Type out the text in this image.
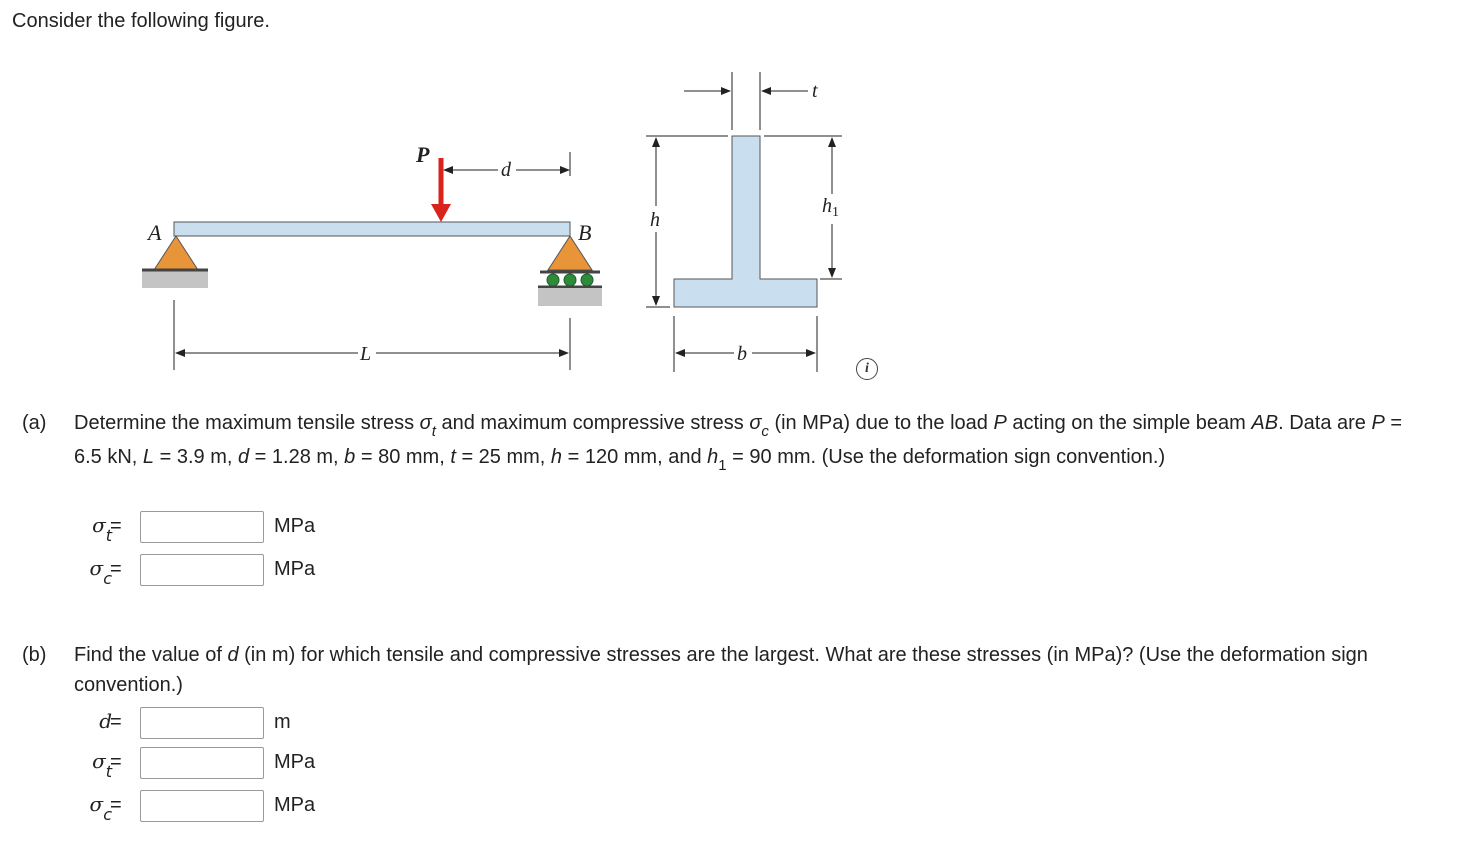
Consider the following figure.
P
d
A	B
L
t
h
$h_1$
b
i
(a) Determine the maximum tensile stress $\sigma_t$ and maximum compressive stress $\sigma_c$ (in MPa) due to the load P acting on the simple beam AB. Data are P = 6.5 kN, L = 3.9 m, d = 1.28 m, b = 80 mm, t = 25 mm, h = 120 mm, and $h_1 = 90$ mm. (Use the deformation sign convention.)
$\sigma_t$
=	MPa
$\sigma_c$
=	MPa
(b) Find the value of d (in m) for which tensile and compressive stresses are the largest. What are these stresses (in MPa)? (Use the deformation sign convention.)
d
=	m
$\sigma_t$
=	MPa
$\sigma_c$
=	MPa
